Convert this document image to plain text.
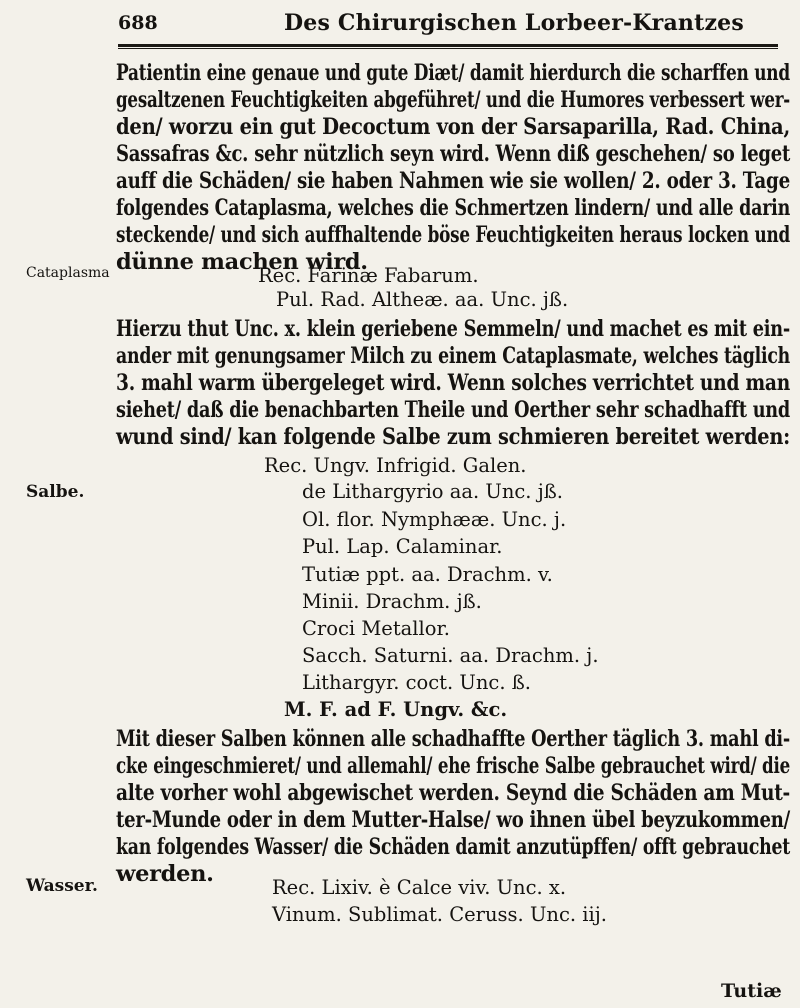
688	Des Chirurgischen Lorbeer-Krantzes
Cataplasma
Salbe.
Wasser.
Patientin eine genaue und gute Diæt/ damit hierdurch die scharffen und
gesaltzenen Feuchtigkeiten abgeführet/ und die Humores verbessert wer-
den/ worzu ein gut Decoctum von der Sarsaparilla, Rad. China,
Sassafras &c. sehr nützlich seyn wird. Wenn diß geschehen/ so leget
auff die Schäden/ sie haben Nahmen wie sie wollen/ 2. oder 3. Tage
folgendes Cataplasma, welches die Schmertzen lindern/ und alle darin
steckende/ und sich auffhaltende böse Feuchtigkeiten heraus locken und
dünne machen wird.
Rec. Farinæ Fabarum.
Pul. Rad. Altheæ. aa. Unc. jß.
Hierzu thut Unc. x. klein geriebene Semmeln/ und machet es mit ein-
ander mit genungsamer Milch zu einem Cataplasmate, welches täglich
3. mahl warm übergeleget wird. Wenn solches verrichtet und man
siehet/ daß die benachbarten Theile und Oerther sehr schadhafft und
wund sind/ kan folgende Salbe zum schmieren bereitet werden:
Rec. Ungv. Infrigid. Galen.
de Lithargyrio aa. Unc. jß.
Ol. flor. Nymphææ. Unc. j.
Pul. Lap. Calaminar.
Tutiæ ppt. aa. Drachm. v.
Minii. Drachm. jß.
Croci Metallor.
Sacch. Saturni. aa. Drachm. j.
Lithargyr. coct. Unc. ß.
M. F. ad F. Ungv. &c.
Mit dieser Salben können alle schadhaffte Oerther täglich 3. mahl di-
cke eingeschmieret/ und allemahl/ ehe frische Salbe gebrauchet wird/ die
alte vorher wohl abgewischet werden. Seynd die Schäden am Mut-
ter-Munde oder in dem Mutter-Halse/ wo ihnen übel beyzukommen/
kan folgendes Wasser/ die Schäden damit anzutüpffen/ offt gebrauchet
werden.
Rec. Lixiv. è Calce viv. Unc. x.
Vinum. Sublimat. Ceruss. Unc. iij.
Tutiæ
